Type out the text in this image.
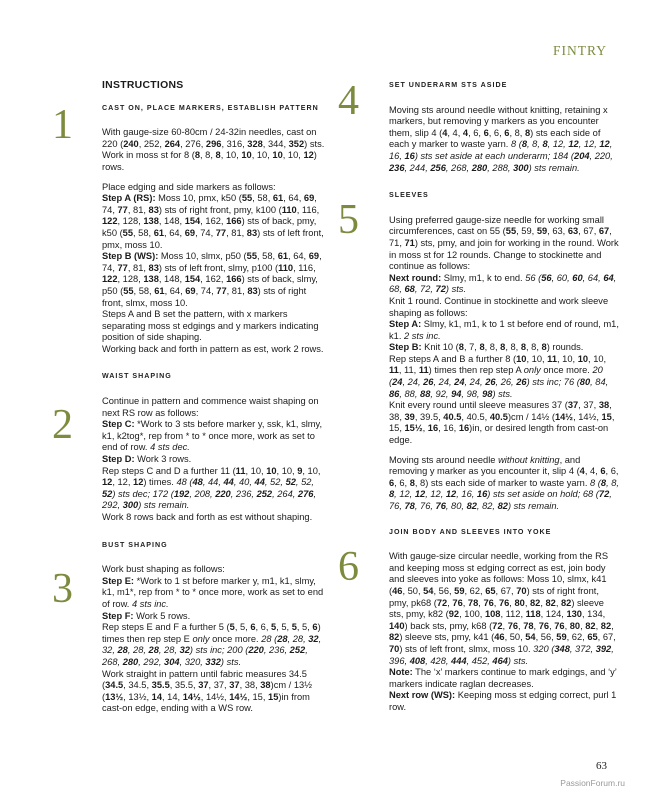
FINTRY
1
2
3
INSTRUCTIONS
CAST ON, PLACE MARKERS, ESTABLISH PATTERN

With gauge-size 60-80cm / 24-32in needles, cast on 220 (240, 252, 264, 276, 296, 316, 328, 344, 352) sts.
Work in moss st for 8 (8, 8, 8, 10, 10, 10, 10, 10, 12) rows.

Place edging and side markers as follows:
Step A (RS): Moss 10, pmx, k50 (55, 58, 61, 64, 69, 74, 77, 81, 83) sts of right front, pmy, k100 (110, 116, 122, 128, 138, 148, 154, 162, 166) sts of back, pmy, k50 (55, 58, 61, 64, 69, 74, 77, 81, 83) sts of left front, pmx, moss 10.
Step B (WS): Moss 10, slmx, p50 (55, 58, 61, 64, 69, 74, 77, 81, 83) sts of left front, slmy, p100 (110, 116, 122, 128, 138, 148, 154, 162, 166) sts of back, slmy, p50 (55, 58, 61, 64, 69, 74, 77, 81, 83) sts of right front, slmx, moss 10.
Steps A and B set the pattern, with x markers separating moss st edgings and y markers indicating position of side shaping.
Working back and forth in pattern as est, work 2 rows.

WAIST SHAPING

Continue in pattern and commence waist shaping on next RS row as follows:
Step C: *Work to 3 sts before marker y, ssk, k1, slmy, k1, k2tog*, rep from * to * once more, work as set to end of row. 4 sts dec.
Step D: Work 3 rows.
Rep steps C and D a further 11 (11, 10, 10, 10, 9, 10, 12, 12, 12) times. 48 (48, 44, 44, 40, 44, 52, 52, 52, 52) sts dec; 172 (192, 208, 220, 236, 252, 264, 276, 292, 300) sts remain.
Work 8 rows back and forth as est without shaping.

BUST SHAPING

Work bust shaping as follows:
Step E: *Work to 1 st before marker y, m1, k1, slmy, k1, m1*, rep from * to * once more, work as set to end of row. 4 sts inc.
Step F: Work 5 rows.
Rep steps E and F a further 5 (5, 5, 6, 6, 5, 5, 5, 5, 6) times then rep step E only once more. 28 (28, 28, 32, 32, 28, 28, 28, 28, 32) sts inc; 200 (220, 236, 252, 268, 280, 292, 304, 320, 332) sts.
Work straight in pattern until fabric measures 34.5 (34.5, 34.5, 35.5, 35.5, 37, 37, 37, 38, 38)cm / 13½ (13½, 13½, 14, 14, 14½, 14½, 14½, 15, 15)in from cast-on edge, ending with a WS row.

4
5
6
SET UNDERARM STS ASIDE

Moving sts around needle without knitting, retaining x markers, but removing y markers as you encounter them, slip 4 (4, 4, 4, 6, 6, 6, 6, 8, 8) sts each side of each y marker to waste yarn. 8 (8, 8, 8, 12, 12, 12, 12, 16, 16) sts set aside at each underarm; 184 (204, 220, 236, 244, 256, 268, 280, 288, 300) sts remain.

SLEEVES

Using preferred gauge-size needle for working small circumferences, cast on 55 (55, 59, 59, 63, 63, 67, 67, 71, 71) sts, pmy, and join for working in the round. Work in moss st for 12 rounds. Change to stockinette and continue as follows:
Next round: Slmy, m1, k to end. 56 (56, 60, 60, 64, 64, 68, 68, 72, 72) sts.
Knit 1 round. Continue in stockinette and work sleeve shaping as follows:
Step A: Slmy, k1, m1, k to 1 st before end of round, m1, k1. 2 sts inc.
Step B: Knit 10 (8, 7, 8, 8, 8, 8, 8, 8, 8) rounds.
Rep steps A and B a further 8 (10, 10, 11, 10, 10, 10, 11, 11, 11) times then rep step A only once more. 20 (24, 24, 26, 24, 24, 24, 26, 26, 26) sts inc; 76 (80, 84, 86, 88, 88, 92, 94, 98, 98) sts.
Knit every round until sleeve measures 37 (37, 37, 38, 38, 39, 39.5, 40.5, 40.5, 40.5)cm / 14½ (14½, 14½, 15, 15, 15½, 16, 16, 16)in, or desired length from cast-on edge.

Moving sts around needle without knitting, and removing y marker as you encounter it, slip 4 (4, 4, 6, 6, 6, 6, 8, 8) sts each side of marker to waste yarn. 8 (8, 8, 8, 12, 12, 12, 12, 16, 16) sts set aside on hold; 68 (72, 76, 78, 76, 76, 80, 82, 82, 82) sts remain.

JOIN BODY AND SLEEVES INTO YOKE

With gauge-size circular needle, working from the RS and keeping moss st edging correct as est, join body and sleeves into yoke as follows: Moss 10, slmx, k41 (46, 50, 54, 56, 59, 62, 65, 67, 70) sts of right front, pmy, pk68 (72, 76, 78, 76, 76, 80, 82, 82, 82) sleeve sts, pmy, k82 (92, 100, 108, 112, 118, 124, 130, 134, 140) back sts, pmy, k68 (72, 76, 78, 76, 76, 80, 82, 82, 82) sleeve sts, pmy, k41 (46, 50, 54, 56, 59, 62, 65, 67, 70) sts of left front, slmx, moss 10. 320 (348, 372, 392, 396, 408, 428, 444, 452, 464) sts.
Note: The ‘x’ markers continue to mark edgings, and ‘y’ markers indicate raglan decreases.
Next row (WS): Keeping moss st edging correct, purl 1 row.

63
PassionForum.ru
